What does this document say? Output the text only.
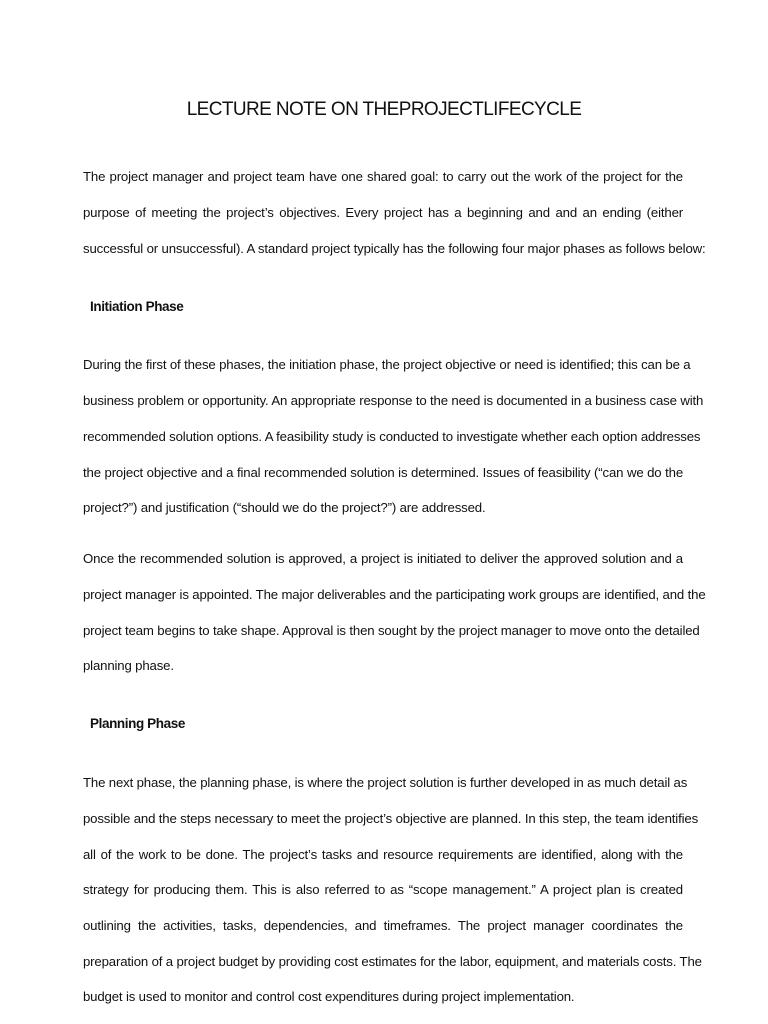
LECTURE NOTE ON THEPROJECTLIFECYCLE
The project manager and project team have one shared goal: to carry out the work of the project for the
purpose of meeting the project’s objectives. Every project has a beginning and and an ending (either
successful or unsuccessful). A standard project typically has the following four major phases as follows below:
Initiation Phase
During the first of these phases, the initiation phase, the project objective or need is identified; this can be a
business problem or opportunity. An appropriate response to the need is documented in a business case with
recommended solution options. A feasibility study is conducted to investigate whether each option addresses
the project objective and a final recommended solution is determined. Issues of feasibility (“can we do the
project?”) and justification (“should we do the project?”) are addressed.
Once the recommended solution is approved, a project is initiated to deliver the approved solution and a
project manager is appointed. The major deliverables and the participating work groups are identified, and the
project team begins to take shape. Approval is then sought by the project manager to move onto the detailed
planning phase.
Planning Phase
The next phase, the planning phase, is where the project solution is further developed in as much detail as
possible and the steps necessary to meet the project’s objective are planned. In this step, the team identifies
all of the work to be done. The project’s tasks and resource requirements are identified, along with the
strategy for producing them. This is also referred to as “scope management.” A project plan is created
outlining the activities, tasks, dependencies, and timeframes. The project manager coordinates the
preparation of a project budget by providing cost estimates for the labor, equipment, and materials costs. The
budget is used to monitor and control cost expenditures during project implementation.
